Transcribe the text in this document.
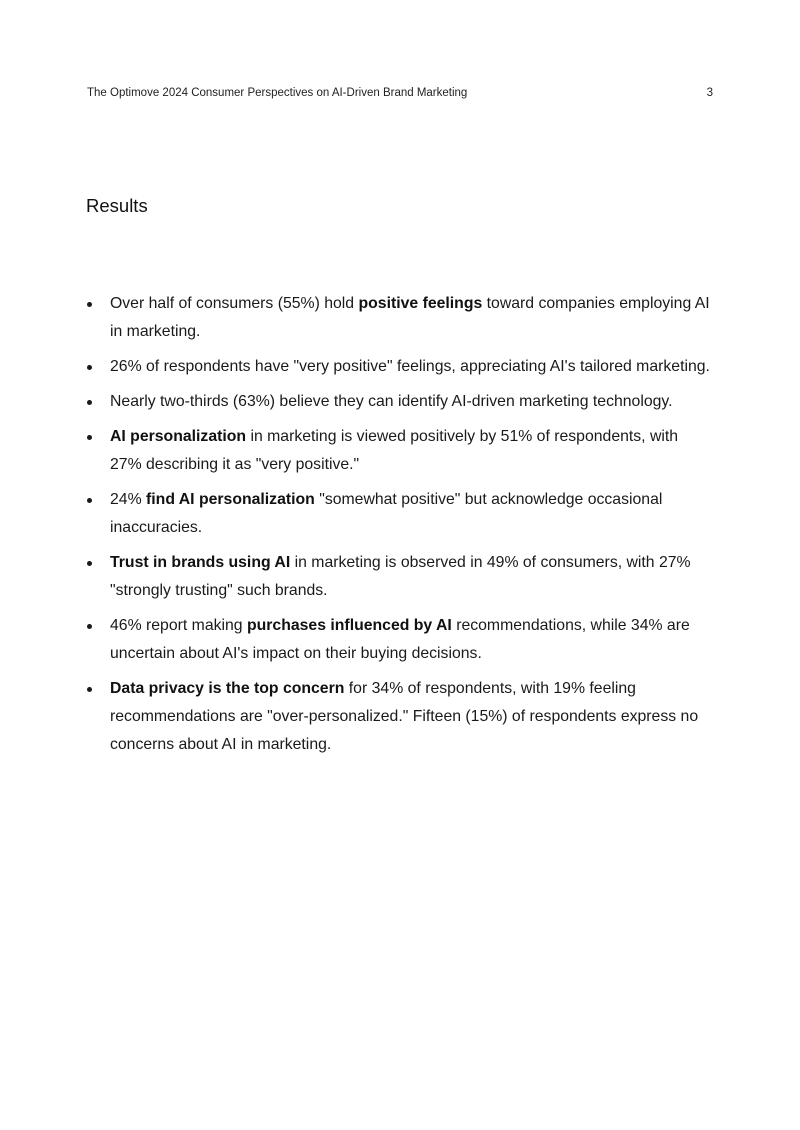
The Optimove 2024 Consumer Perspectives on AI-Driven Brand Marketing	3
Results
Over half of consumers (55%) hold positive feelings toward companies employing AI in marketing.
26% of respondents have "very positive" feelings, appreciating AI's tailored marketing.
Nearly two-thirds (63%) believe they can identify AI-driven marketing technology.
AI personalization in marketing is viewed positively by 51% of respondents, with 27% describing it as "very positive."
24% find AI personalization "somewhat positive" but acknowledge occasional inaccuracies.
Trust in brands using AI in marketing is observed in 49% of consumers, with 27% "strongly trusting" such brands.
46% report making purchases influenced by AI recommendations, while 34% are uncertain about AI's impact on their buying decisions.
Data privacy is the top concern for 34% of respondents, with 19% feeling recommendations are "over-personalized." Fifteen (15%) of respondents express no concerns about AI in marketing.
